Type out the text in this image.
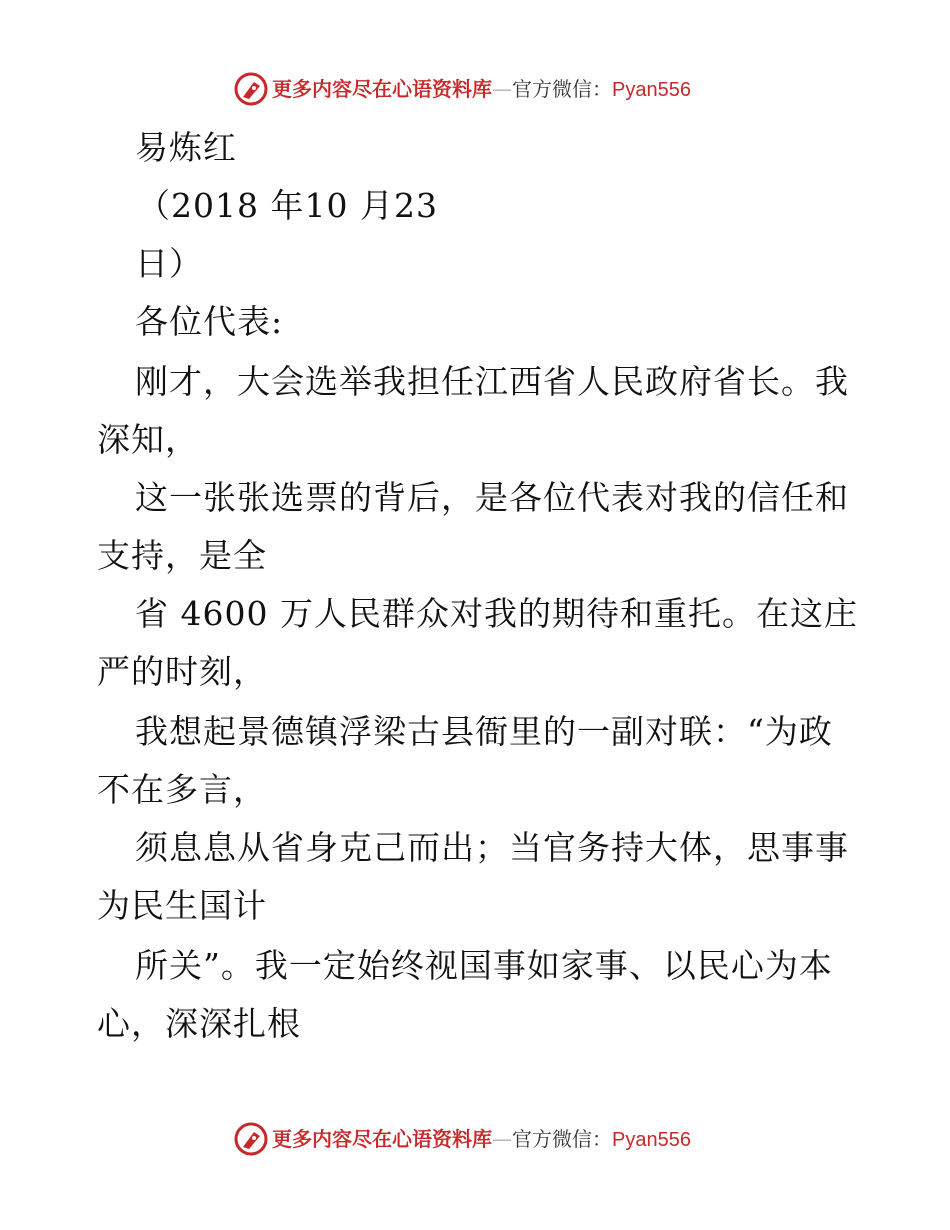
更多内容尽在心语资料库—官方微信：Pyan556
易炼红
（2018 年10 月23
日）
各位代表:
刚才，大会选举我担任江西省人民政府省长。我
深知，
这一张张选票的背后，是各位代表对我的信任和
支持，是全
省 4600 万人民群众对我的期待和重托。在这庄
严的时刻，
我想起景德镇浮梁古县衙里的一副对联：“为政
不在多言，
须息息从省身克己而出；当官务持大体，思事事
为民生国计
所关”。我一定始终视国事如家事、以民心为本
心，深深扎根
更多内容尽在心语资料库—官方微信：Pyan556
